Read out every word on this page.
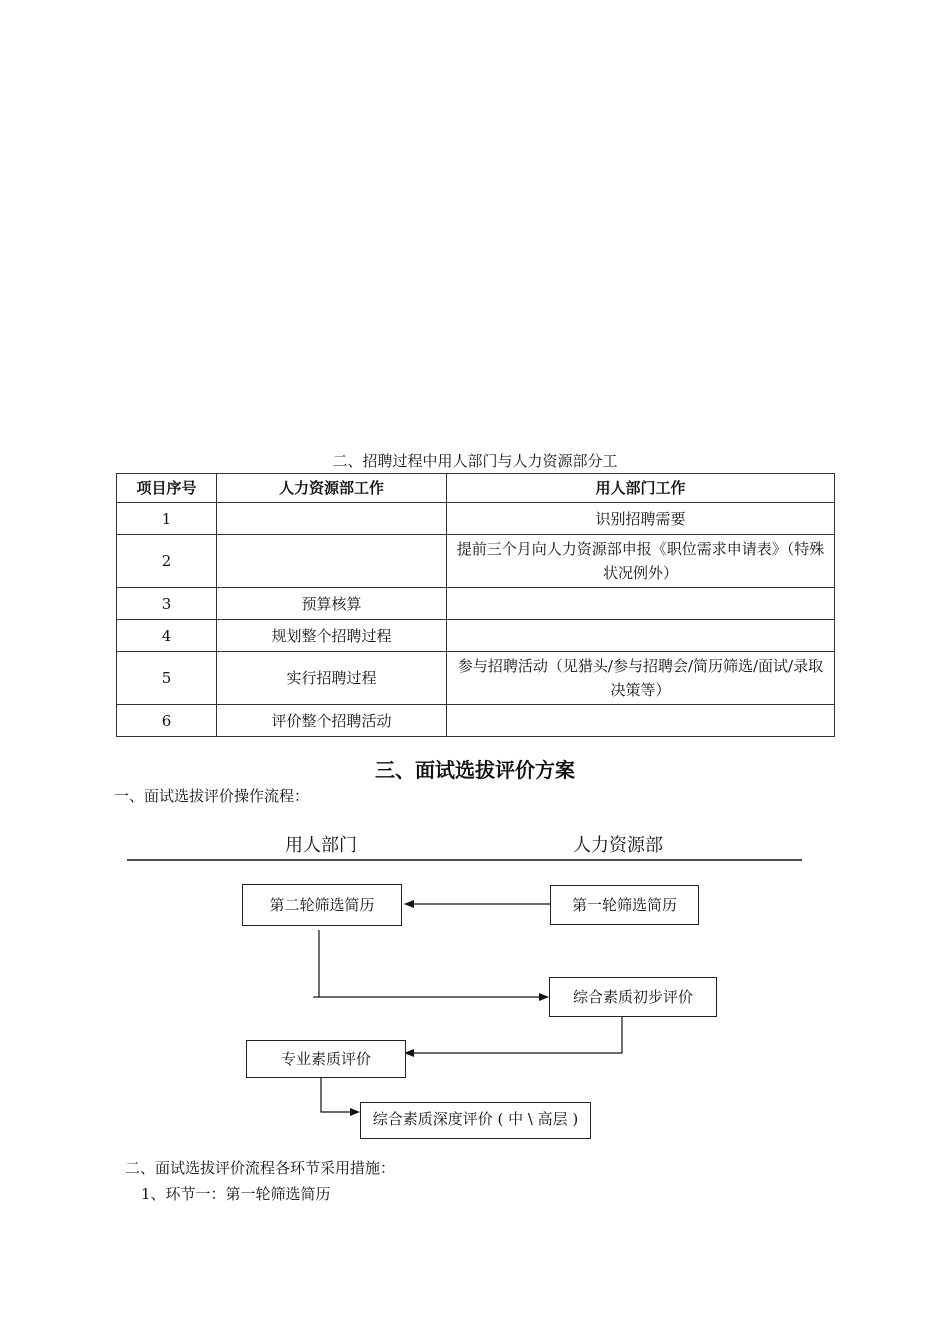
二、招聘过程中用人部门与人力资源部分工
项目序号	人力资源部工作	用人部门工作
1		识别招聘需要
2		提前三个月向人力资源部申报《职位需求申请表》（特殊状况例外）
3	预算核算	
4	规划整个招聘过程	
5	实行招聘过程	参与招聘活动（见猎头/参与招聘会/简历筛选/面试/录取决策等）
6	评价整个招聘活动	
三、面试选拔评价方案
一、面试选拔评价操作流程：
用人部门	人力资源部
第二轮筛选简历	第一轮筛选简历
综合素质初步评价
专业素质评价
综合素质深度评价 ( 中 \ 高层 )
二、面试选拔评价流程各环节采用措施：
1、环节一：第一轮筛选简历
